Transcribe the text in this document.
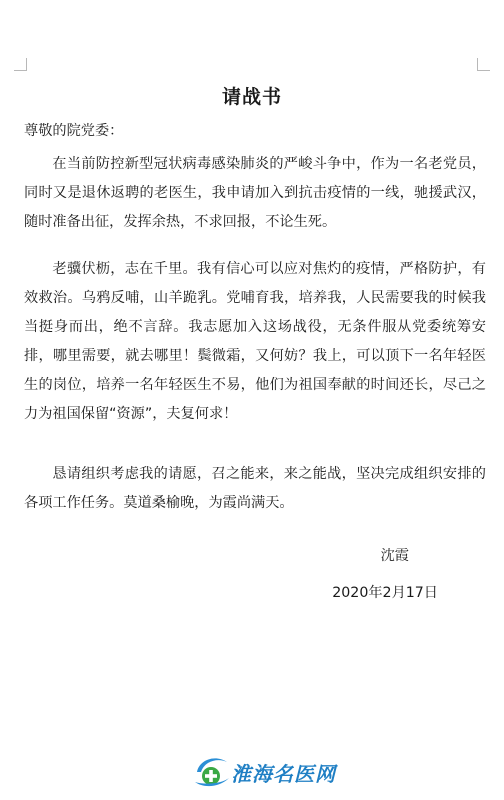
请战书
尊敬的院党委：

在当前防控新型冠状病毒感染肺炎的严峻斗争中，作为一名老党员，同时又是退休返聘的老医生，我申请加入到抗击疫情的一线，驰援武汉，随时准备出征，发挥余热，不求回报，不论生死。

老骥伏枥，志在千里。我有信心可以应对焦灼的疫情，严格防护，有效救治。乌鸦反哺，山羊跪乳。党哺育我，培养我，人民需要我的时候我当挺身而出，绝不言辞。我志愿加入这场战役，无条件服从党委统筹安排，哪里需要，就去哪里！鬓微霜，又何妨？我上，可以顶下一名年轻医生的岗位，培养一名年轻医生不易，他们为祖国奉献的时间还长，尽己之力为祖国保留“资源”，夫复何求！

恳请组织考虑我的请愿，召之能来，来之能战，坚决完成组织安排的各项工作任务。莫道桑榆晚，为霞尚满天。

沈霞
2020年2月17日
淮海名医网
